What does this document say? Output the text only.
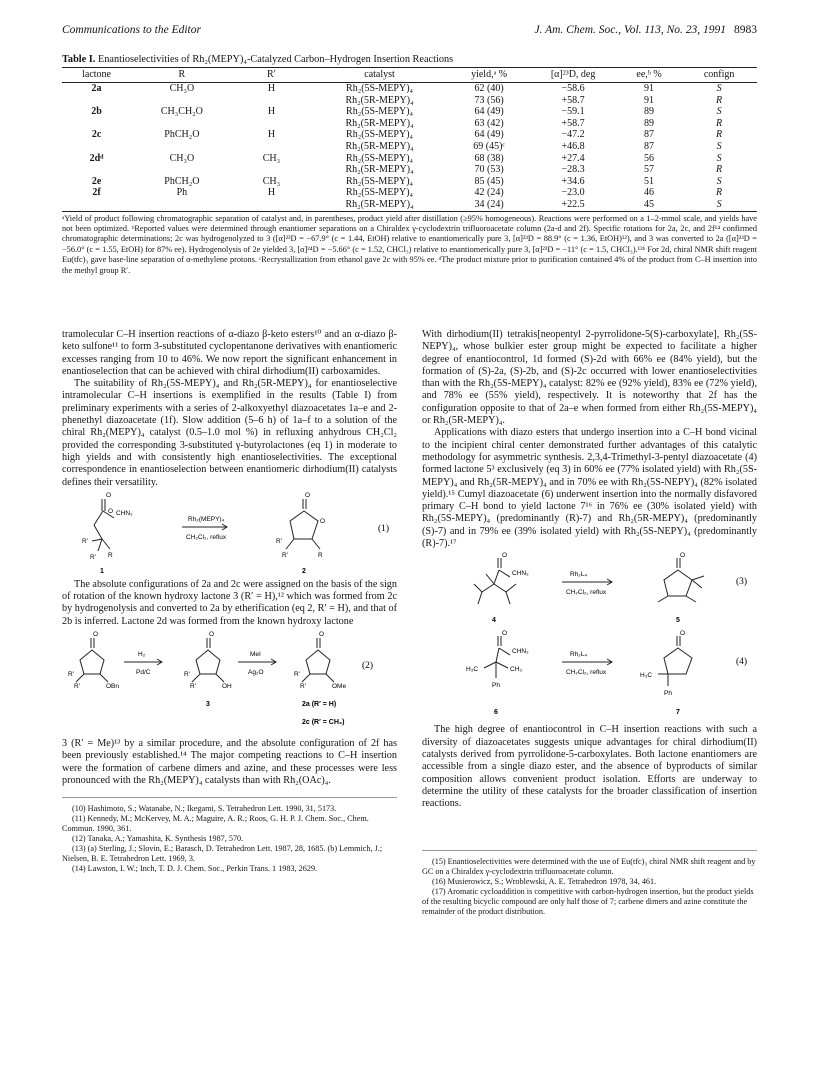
Communications to the Editor	J. Am. Chem. Soc., Vol. 113, No. 23, 1991 8983
Table I. Enantioselectivities of Rh₂(MEPY)₄-Catalyzed Carbon–Hydrogen Insertion Reactions
lactone	R	R′	catalyst	yield,ᵃ %	[α]²³D, deg	ee,ᵇ %	confign
2a	CH₃O	H	Rh₂(5S-MEPY)₄	62 (40)	−58.6	91	S
			Rh₂(5R-MEPY)₄	73 (56)	+58.7	91	R
2b	CH₃CH₂O	H	Rh₂(5S-MEPY)₄	64 (49)	−59.1	89	S
			Rh₂(5R-MEPY)₄	63 (42)	+58.7	89	R
2c	PhCH₂O	H	Rh₂(5S-MEPY)₄	64 (49)	−47.2	87	R
			Rh₂(5R-MEPY)₄	69 (45)ᶜ	+46.8	87	S
2dᵈ	CH₃O	CH₃	Rh₂(5S-MEPY)₄	68 (38)	+27.4	56	S
			Rh₂(5R-MEPY)₄	70 (53)	−28.3	57	R
2e	PhCH₂O	CH₃	Rh₂(5S-MEPY)₄	85 (45)	+34.6	51	S
2f	Ph	H	Rh₂(5S-MEPY)₄	42 (24)	−23.0	46	R
			Rh₂(5R-MEPY)₄	34 (24)	+22.5	45	S
ᵃYield of product following chromatographic separation of catalyst and, in parentheses, product yield after distillation (≥95% homogeneous). Reactions were performed on a 1–2-mmol scale, and yields have not been optimized. ᵇReported values were determined through enantiomer separations on a Chiraldex γ-cyclodextrin trifluoroacetate column (2a-d and 2f). Specific rotations for 2a, 2c, and 2f¹⁴ confirmed chromatographic determinations; 2c was hydrogenolyzed to 3 ([α]²³D = −67.9° (c = 1.44, EtOH) relative to enantiomerically pure 3, [α]²³D = 88.9° (c = 1.36, EtOH)¹²), and 3 was converted to 2a ([α]²³D = −56.0° (c = 1.55, EtOH) for 87% ee). Hydrogenolysis of 2e yielded 3, [α]²⁴D = −5.66° (c = 1.52, CHCl₃) relative to enantiomerically pure 3, [α]²³D = −11° (c = 1.5, CHCl₃).¹³ᵇ For 2d, chiral NMR shift reagent Eu(tfc)₃ gave base-line separation of α-methylene protons. ᶜRecrystallization from ethanol gave 2c with 95% ee. ᵈThe product mixture prior to purification contained 4% of the product from C–H insertion into the methyl group R′.

tramolecular C–H insertion reactions of α-diazo β-keto esters¹⁰ and an α-diazo β-keto sulfone¹¹ to form 3-substituted cyclopentanone derivatives with enantiomeric excesses ranging from 10 to 46%. We now report the significant enhancement in enantioselection that can be achieved with chiral dirhodium(II) carboxamides.

The suitability of Rh₂(5S-MEPY)₄ and Rh₂(5R-MEPY)₄ for enantioselective intramolecular C–H insertions is exemplified in the results (Table I) from preliminary experiments with a series of 2-alkoxyethyl diazoacetates 1a–e and 2-phenethyl diazoacetate (1f). Slow addition (5–6 h) of 1a–f to a solution of the chiral Rh₂(MEPY)₄ catalyst (0.5–1.0 mol %) in refluxing anhydrous CH₂Cl₂ provided the corresponding 3-substituted γ-butyrolactones (eq 1) in moderate to high yields and with consistently high enantioselectivities. The exceptional correspondence in enantioselection between enantiomeric dirhodium(II) catalysts defines their versatility.

O
O
O CHN₂
O
R′
R
R′
R′
R′	R
Rh₂(MEPY)₄
CH₂Cl₂, reflux
(1)
1	2

The absolute configurations of 2a and 2c were assigned on the basis of the sign of rotation of the known hydroxy lactone 3 (R′ = H),¹² which was formed from 2c by hydrogenolysis and converted to 2a by etherification (eq 2, R′ = H), and that of 2b is inferred. Lactone 2d was formed from the known hydroxy lactone

O	O	O
R′
OBn
R′
R′
OH
R′
R′
OMe
R′
H₂
Pd/C
MeI
Ag₂O
(2)
3	2a (R′ = H)
2c (R′ = CH₃)

3 (R′ = Me)¹³ by a similar procedure, and the absolute configuration of 2f has been previously established.¹⁴ The major competing reactions to C–H insertion were the formation of carbene dimers and azine, and these processes were less pronounced with the Rh₂(MEPY)₄ catalysts than with Rh₂(OAc)₄.

(10) Hashimoto, S.; Watanabe, N.; Ikegami, S. Tetrahedron Lett. 1990, 31, 5173.
(11) Kennedy, M.; McKervey, M. A.; Maguire, A. R.; Roos, G. H. P. J. Chem. Soc., Chem. Commun. 1990, 361.
(12) Tanaka, A.; Yamashita, K. Synthesis 1987, 570.
(13) (a) Sterling, J.; Slovin, E.; Barasch, D. Tetrahedron Lett. 1987, 28, 1685. (b) Lemmich, J.; Nielsen, B. E. Tetrahedron Lett. 1969, 3.
(14) Lawston, I. W.; Inch, T. D. J. Chem. Soc., Perkin Trans. 1 1983, 2629.

With dirhodium(II) tetrakis[neopentyl 2-pyrrolidone-5(S)-carboxylate], Rh₂(5S-NEPY)₄, whose bulkier ester group might be expected to facilitate a higher degree of enantiocontrol, 1d formed (S)-2d with 66% ee (84% yield), but the formation of (S)-2a, (S)-2b, and (S)-2c occurred with lower enantioselectivities than with the Rh₂(5S-MEPY)₄ catalyst: 82% ee (92% yield), 83% ee (72% yield), and 78% ee (55% yield), respectively. It is noteworthy that 2f has the configuration opposite to that of 2a–e when formed from either Rh₂(5S-MEPY)₄ or Rh₂(5R-MEPY)₄.

Applications with diazo esters that undergo insertion into a C–H bond vicinal to the incipient chiral center demonstrated further advantages of this catalytic methodology for asymmetric synthesis. 2,3,4-Trimethyl-3-pentyl diazoacetate (4) formed lactone 5³ exclusively (eq 3) in 60% ee (77% isolated yield) with Rh₂(5S-MEPY)₄ and Rh₂(5R-MEPY)₄ and in 70% ee with Rh₂(5S-NEPY)₄ (82% isolated yield).¹⁵ Cumyl diazoacetate (6) underwent insertion into the normally disfavored primary C–H bond to yield lactone 7¹⁶ in 76% ee (30% isolated yield) with Rh₂(5S-MEPY)₄ (predominantly (R)-7) and Rh₂(5R-MEPY)₄ (predominantly (S)-7) and in 79% ee (39% isolated yield) with Rh₂(5S-NEPY)₄ (predominantly (R)-7).¹⁷

O	O
CHN₂	Rh₂L₄
CH₂Cl₂, reflux
(3)
4	5
O	O
CHN₂
H₃C	CH₃
Ph
H₃C
Ph
Rh₂L₄
CH₂Cl₂, reflux
(4)
6	7

The high degree of enantiocontrol in C–H insertion reactions with such a diversity of diazoacetates suggests unique advantages for chiral dirhodium(II) catalysts derived from pyrrolidone-5-carboxylates. Both lactone enantiomers are accessible from a single diazo ester, and the absence of byproducts of similar composition allows convenient product isolation. Efforts are underway to determine the utility of these catalysts for the broader classification of insertion reactions.

(15) Enantioselectivities were determined with the use of Eu(tfc)₃ chiral NMR shift reagent and by GC on a Chiraldex γ-cyclodextrin trifluoroacetate column.
(16) Musierowicz, S.; Wroblewski, A. E. Tetrahedron 1978, 34, 461.
(17) Aromatic cycloaddition is competitive with carbon-hydrogen insertion, but the product yields of the resulting bicyclic compound are only half those of 7; carbene dimers and azine constitute the remainder of the product distribution.
